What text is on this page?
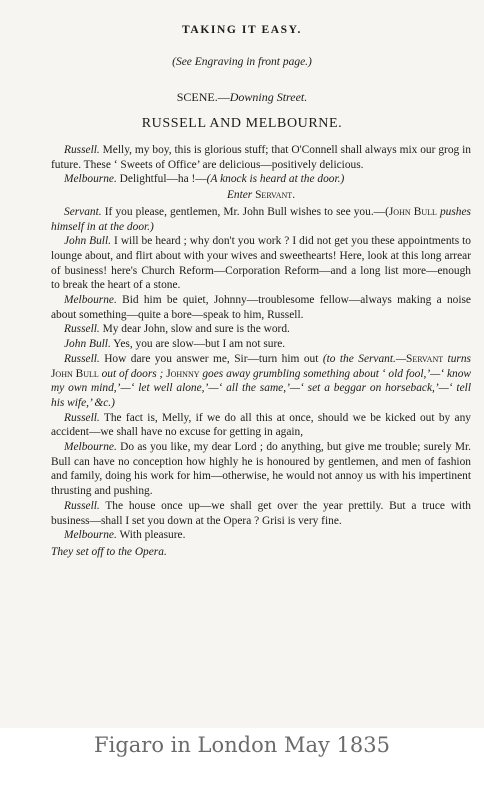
TAKING IT EASY.
(See Engraving in front page.)
SCENE.—Downing Street.
RUSSELL AND MELBOURNE.

Russell. Melly, my boy, this is glorious stuff; that O'Connell shall always mix our grog in future. These ‘ Sweets of Office’ are delicious—positively delicious.

Melbourne. Delightful—ha !—(A knock is heard at the door.)

Enter Servant.

Servant. If you please, gentlemen, Mr. John Bull wishes to see you.—(John Bull pushes himself in at the door.)

John Bull. I will be heard ; why don't you work ? I did not get you these appointments to lounge about, and flirt about with your wives and sweethearts! Here, look at this long arrear of business! here's Church Reform—Corporation Reform—and a long list more—enough to break the heart of a stone.

Melbourne. Bid him be quiet, Johnny—troublesome fellow—always making a noise about something—quite a bore—speak to him, Russell.

Russell. My dear John, slow and sure is the word.

John Bull. Yes, you are slow—but I am not sure.

Russell. How dare you answer me, Sir—turn him out (to the Servant.—Servant turns John Bull out of doors ; Johnny goes away grumbling something about ‘ old fool,’—‘ know my own mind,’—‘ let well alone,’—‘ all the same,’—‘ set a beggar on horseback,’—‘ tell his wife,’ &c.)

Russell. The fact is, Melly, if we do all this at once, should we be kicked out by any accident—we shall have no excuse for getting in again,

Melbourne. Do as you like, my dear Lord ; do anything, but give me trouble; surely Mr. Bull can have no conception how highly he is honoured by gentlemen, and men of fashion and family, doing his work for him—otherwise, he would not annoy us with his impertinent thrusting and pushing.

Russell. The house once up—we shall get over the year prettily. But a truce with business—shall I set you down at the Opera ? Grisi is very fine.

Melbourne. With pleasure.

They set off to the Opera.

Figaro in London May 1835
